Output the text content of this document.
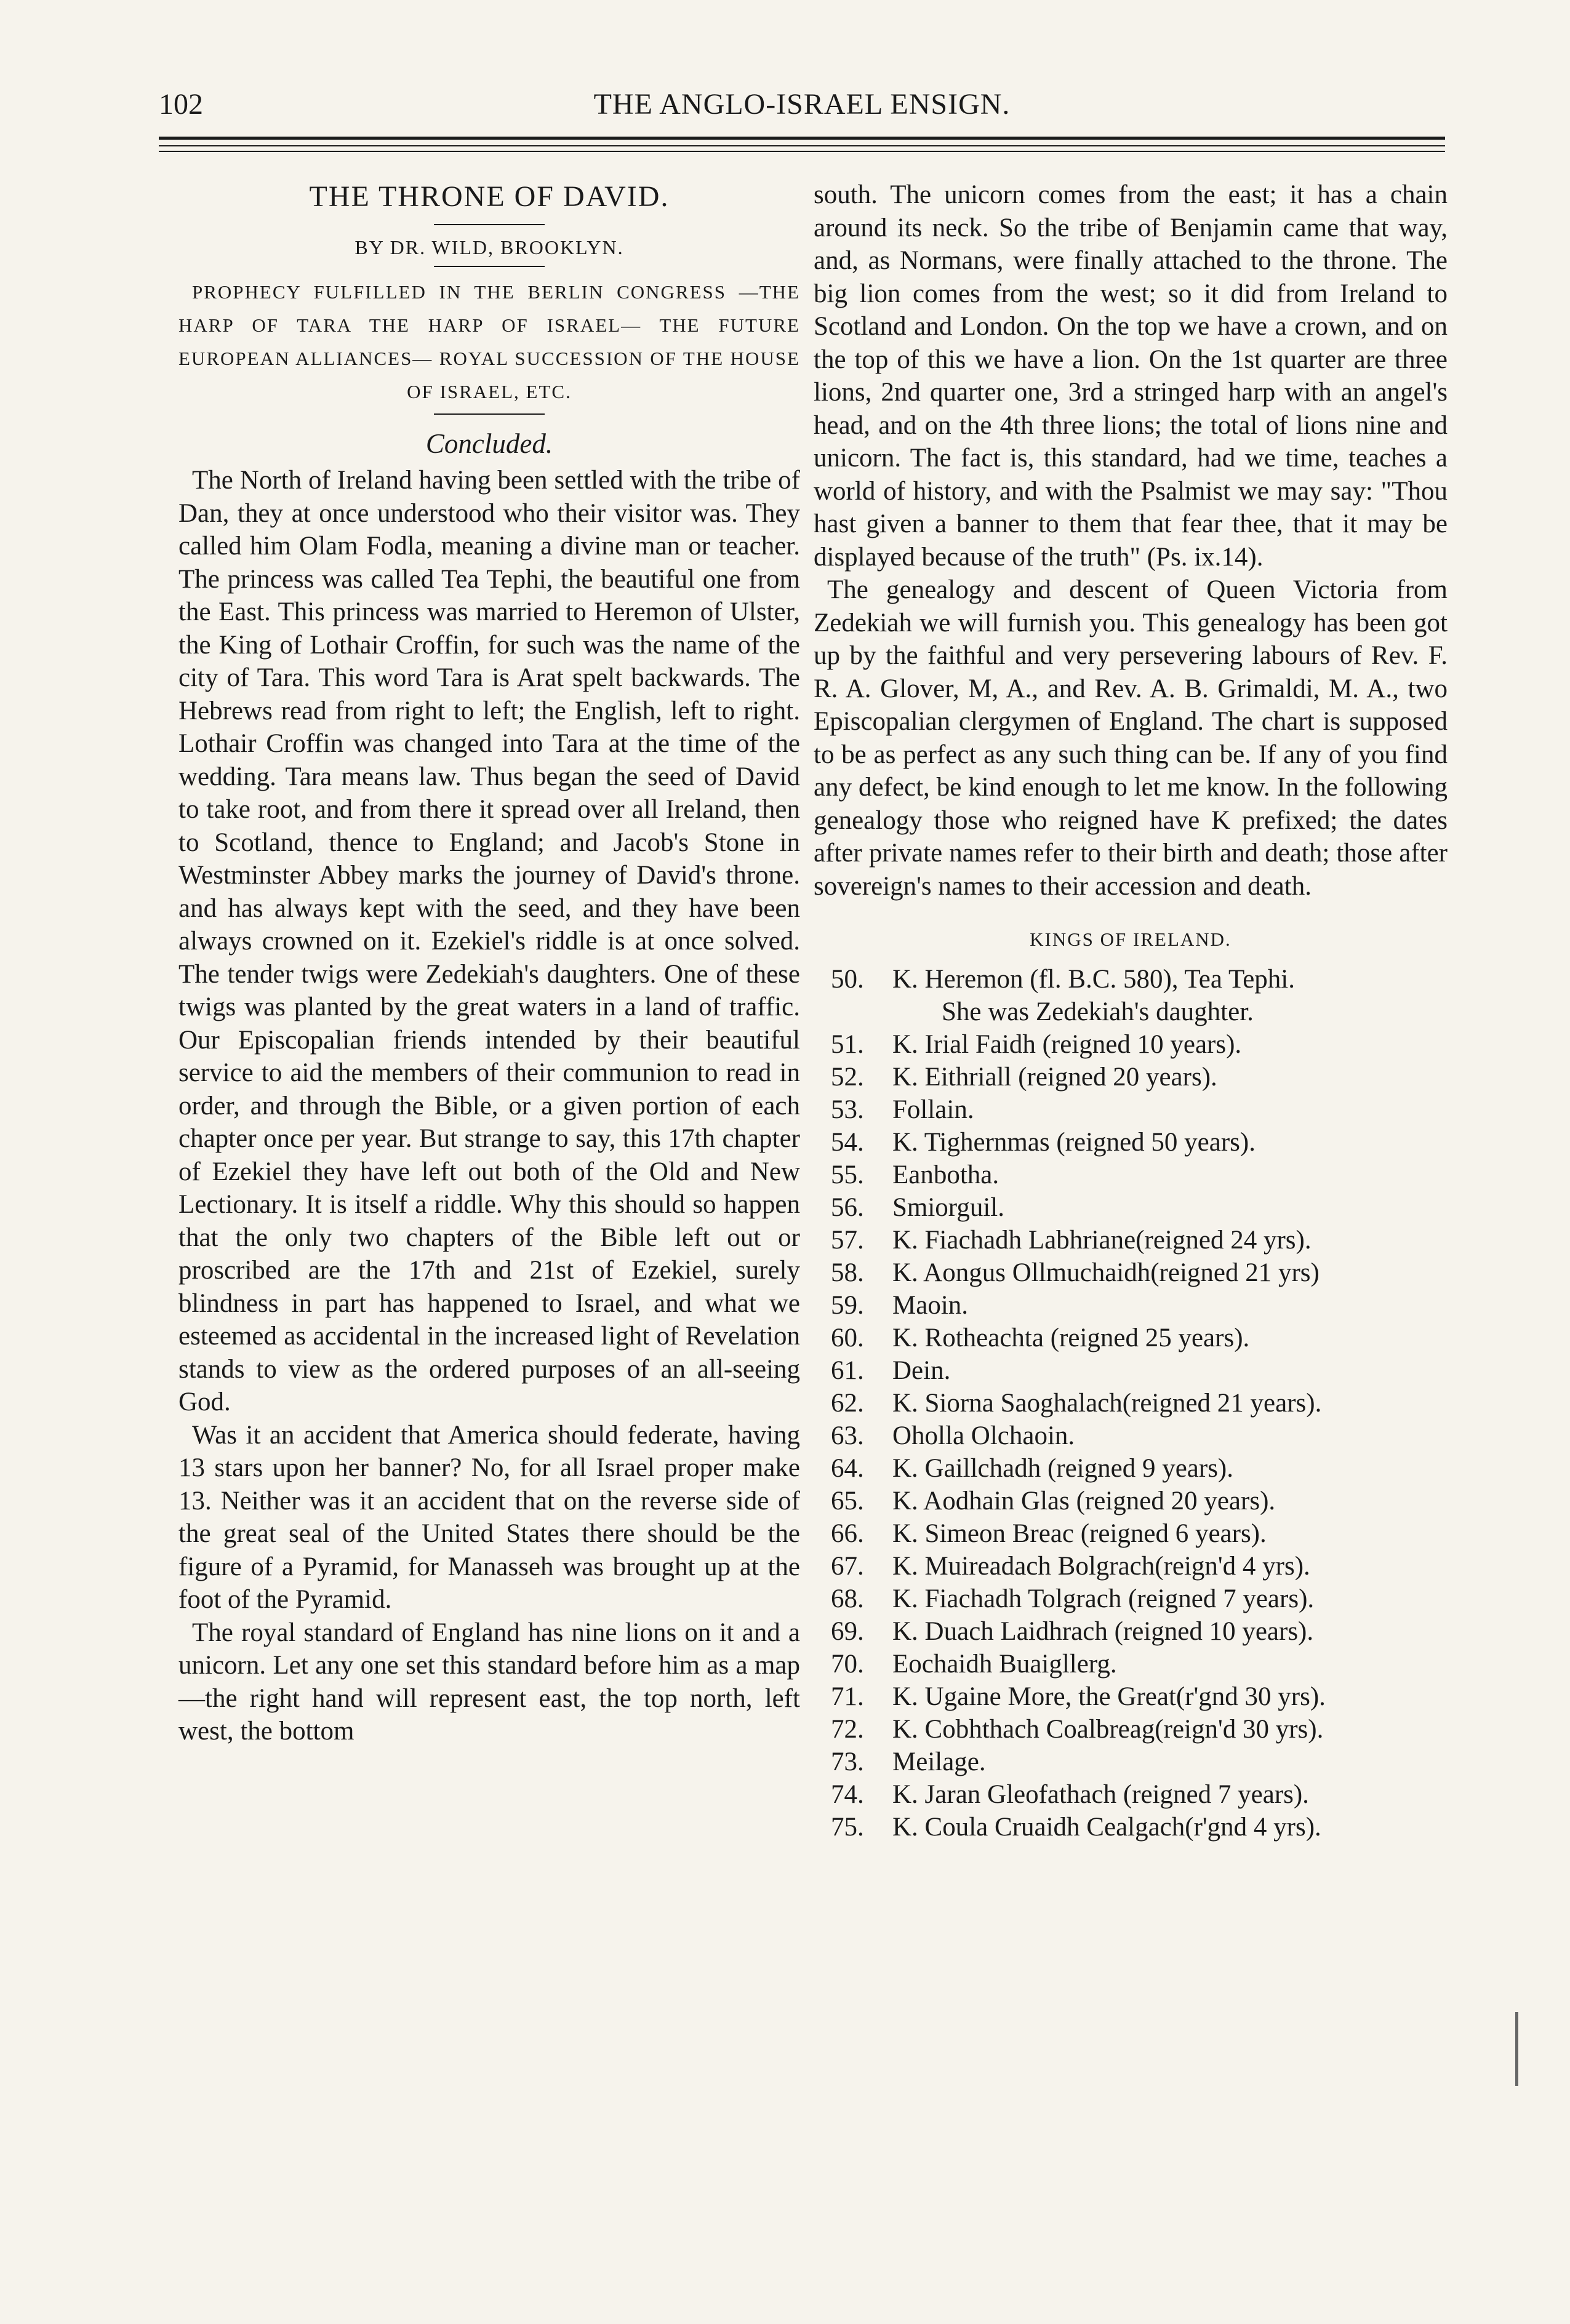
102	THE ANGLO-ISRAEL ENSIGN.
THE THRONE OF DAVID.
BY DR. WILD, BROOKLYN.

PROPHECY FULFILLED IN THE BERLIN CONGRESS —THE HARP OF TARA THE HARP OF ISRAEL— THE FUTURE EUROPEAN ALLIANCES— ROYAL SUCCESSION OF THE HOUSE OF ISRAEL, ETC.

Concluded.

The North of Ireland having been settled with the tribe of Dan, they at once understood who their visitor was. They called him Olam Fodla, meaning a divine man or teacher. The princess was called Tea Tephi, the beautiful one from the East. This princess was married to Heremon of Ulster, the King of Lothair Croffin, for such was the name of the city of Tara. This word Tara is Arat spelt backwards. The Hebrews read from right to left; the English, left to right. Lothair Croffin was changed into Tara at the time of the wedding. Tara means law. Thus began the seed of David to take root, and from there it spread over all Ireland, then to Scotland, thence to England; and Jacob's Stone in Westminster Abbey marks the journey of David's throne. and has always kept with the seed, and they have been always crowned on it. Ezekiel's riddle is at once solved. The tender twigs were Zedekiah's daughters. One of these twigs was planted by the great waters in a land of traffic. Our Episcopalian friends intended by their beautiful service to aid the members of their communion to read in order, and through the Bible, or a given portion of each chapter once per year. But strange to say, this 17th chapter of Ezekiel they have left out both of the Old and New Lectionary. It is itself a riddle. Why this should so happen that the only two chapters of the Bible left out or proscribed are the 17th and 21st of Ezekiel, surely blindness in part has happened to Israel, and what we esteemed as accidental in the increased light of Revelation stands to view as the ordered purposes of an all-seeing God.

Was it an accident that America should federate, having 13 stars upon her banner? No, for all Israel proper make 13. Neither was it an accident that on the reverse side of the great seal of the United States there should be the figure of a Pyramid, for Manasseh was brought up at the foot of the Pyramid.

The royal standard of England has nine lions on it and a unicorn. Let any one set this standard before him as a map—the right hand will represent east, the top north, left west, the bottom

south. The unicorn comes from the east; it has a chain around its neck. So the tribe of Benjamin came that way, and, as Normans, were finally attached to the throne. The big lion comes from the west; so it did from Ireland to Scotland and London. On the top we have a crown, and on the top of this we have a lion. On the 1st quarter are three lions, 2nd quarter one, 3rd a stringed harp with an angel's head, and on the 4th three lions; the total of lions nine and unicorn. The fact is, this standard, had we time, teaches a world of history, and with the Psalmist we may say: "Thou hast given a banner to them that fear thee, that it may be displayed because of the truth" (Ps. ix.14).

The genealogy and descent of Queen Victoria from Zedekiah we will furnish you. This genealogy has been got up by the faithful and very persevering labours of Rev. F. R. A. Glover, M, A., and Rev. A. B. Grimaldi, M. A., two Episcopalian clergymen of England. The chart is supposed to be as perfect as any such thing can be. If any of you find any defect, be kind enough to let me know. In the following genealogy those who reigned have K prefixed; the dates after private names refer to their birth and death; those after sovereign's names to their accession and death.

KINGS OF IRELAND.
50. K. Heremon (fl. B.C. 580), Tea Tephi.
She was Zedekiah's daughter.
51. K. Irial Faidh (reigned 10 years).
52. K. Eithriall (reigned 20 years).
53. Follain.
54. K. Tighernmas (reigned 50 years).
55. Eanbotha.
56. Smiorguil.
57. K. Fiachadh Labhriane(reigned 24 yrs).
58. K. Aongus Ollmuchaidh(reigned 21 yrs)
59. Maoin.
60. K. Rotheachta (reigned 25 years).
61. Dein.
62. K. Siorna Saoghalach(reigned 21 years).
63. Oholla Olchaoin.
64. K. Gaillchadh (reigned 9 years).
65. K. Aodhain Glas (reigned 20 years).
66. K. Simeon Breac (reigned 6 years).
67. K. Muireadach Bolgrach(reign'd 4 yrs).
68. K. Fiachadh Tolgrach (reigned 7 years).
69. K. Duach Laidhrach (reigned 10 years).
70. Eochaidh Buaigllerg.
71. K. Ugaine More, the Great(r'gnd 30 yrs).
72. K. Cobhthach Coalbreag(reign'd 30 yrs).
73. Meilage.
74. K. Jaran Gleofathach (reigned 7 years).
75. K. Coula Cruaidh Cealgach(r'gnd 4 yrs).
